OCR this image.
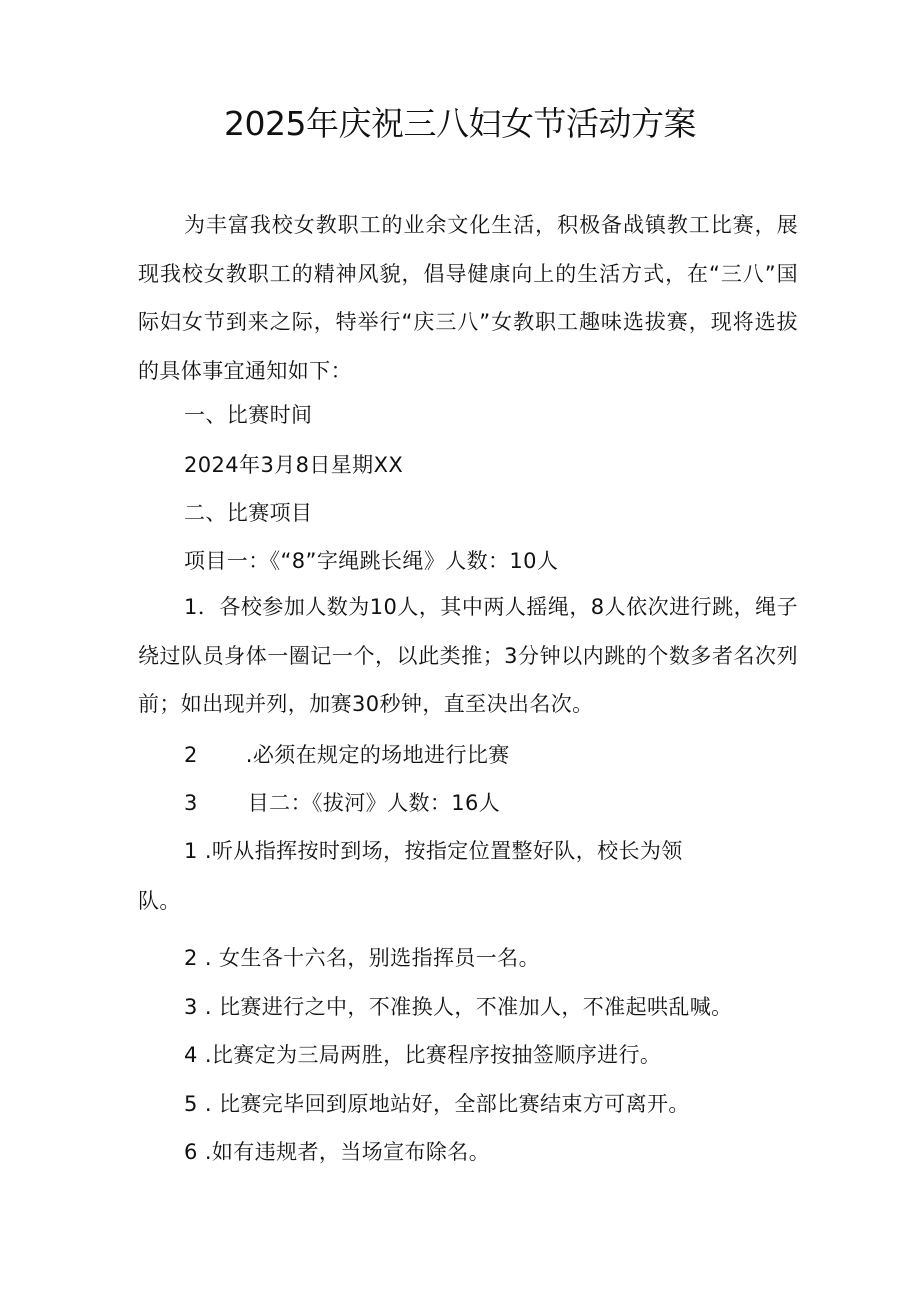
2025年庆祝三八妇女节活动方案
为丰富我校女教职工的业余文化生活，积极备战镇教工比赛，展现我校女教职工的精神风貌，倡导健康向上的生活方式，在“三八”国际妇女节到来之际，特举行“庆三八”女教职工趣味选拔赛，现将选拔的具体事宜通知如下：
一、比赛时间
2024年3月8日星期XX
二、比赛项目
项目一：《“8”字绳跳长绳》人数：10人
1．各校参加人数为10人，其中两人摇绳，8人依次进行跳，绳子绕过队员身体一圈记一个，以此类推；3分钟以内跳的个数多者名次列前；如出现并列，加赛30秒钟，直至决出名次。
2 .必须在规定的场地进行比赛
3 目二：《拔河》人数：16人
1 .听从指挥按时到场，按指定位置整好队，校长为领
队。
2 . 女生各十六名，别选指挥员一名。
3 . 比赛进行之中，不准换人，不准加人，不准起哄乱喊。
4 .比赛定为三局两胜，比赛程序按抽签顺序进行。
5 . 比赛完毕回到原地站好，全部比赛结束方可离开。
6 .如有违规者，当场宣布除名。
